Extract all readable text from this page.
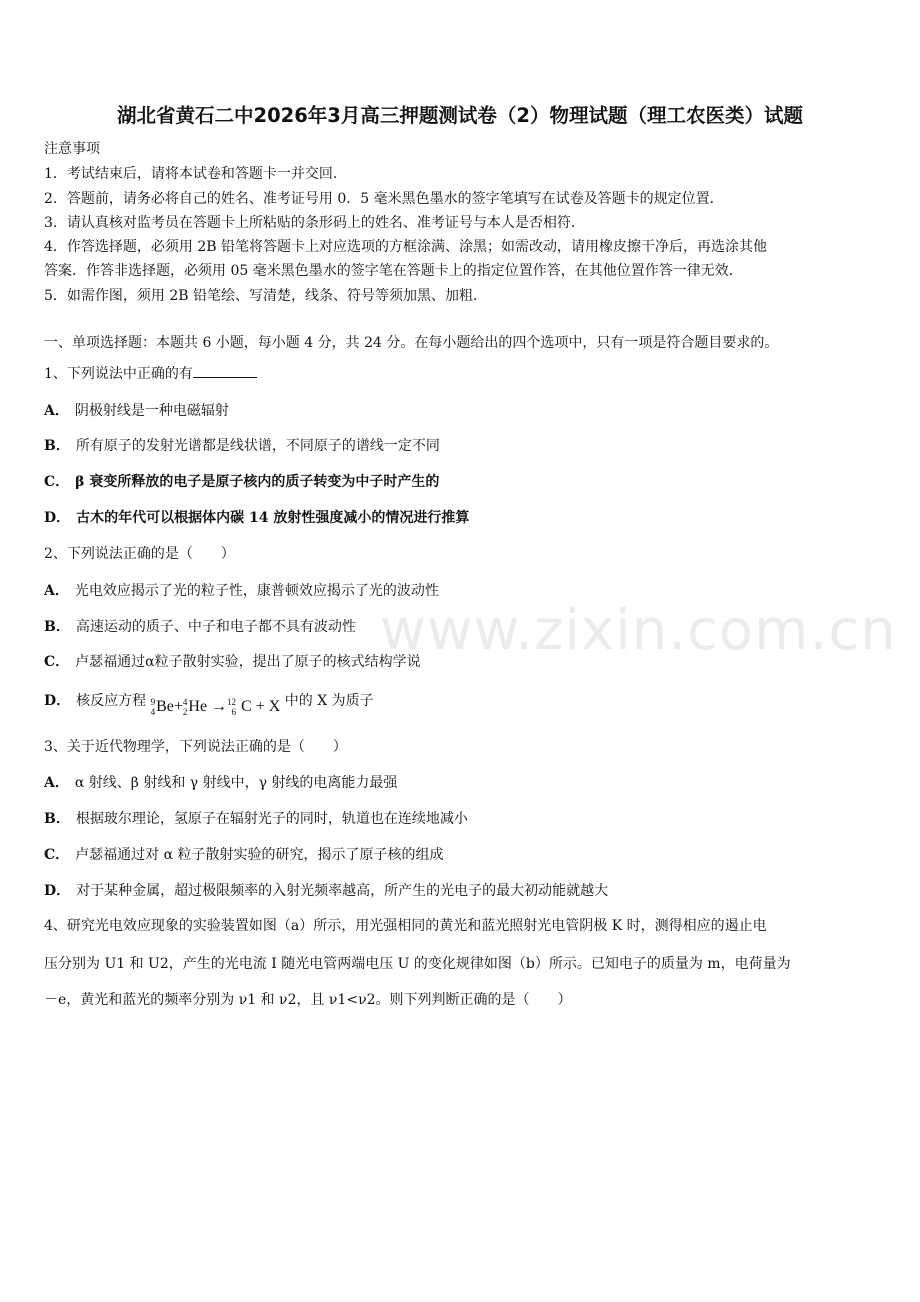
湖北省黄石二中2026年3月高三押题测试卷（2）物理试题（理工农医类）试题
注意事项
1．考试结束后，请将本试卷和答题卡一并交回．
2．答题前，请务必将自己的姓名、准考证号用 0．5 毫米黑色墨水的签字笔填写在试卷及答题卡的规定位置．
3．请认真核对监考员在答题卡上所粘贴的条形码上的姓名、准考证号与本人是否相符．
4．作答选择题，必须用 2B 铅笔将答题卡上对应选项的方框涂满、涂黑；如需改动，请用橡皮擦干净后，再选涂其他
答案．作答非选择题，必须用 05 毫米黑色墨水的签字笔在答题卡上的指定位置作答，在其他位置作答一律无效．
5．如需作图，须用 2B 铅笔绘、写清楚，线条、符号等须加黑、加粗．
一、单项选择题：本题共 6 小题，每小题 4 分，共 24 分。在每小题给出的四个选项中，只有一项是符合题目要求的。
1、下列说法中正确的有
A． 阴极射线是一种电磁辐射
B． 所有原子的发射光谱都是线状谱，不同原子的谱线一定不同
C． β 衰变所释放的电子是原子核内的质子转变为中子时产生的
D． 古木的年代可以根据体内碳 14 放射性强度减小的情况进行推算
2、下列说法正确的是（　　）
A． 光电效应揭示了光的粒子性，康普顿效应揭示了光的波动性
B． 高速运动的质子、中子和电子都不具有波动性
C． 卢瑟福通过α粒子散射实验，提出了原子的核式结构学说
D． 核反应方程 9
4 Be+ 4
2 He → 12
6 C + X 中的 X 为质子
3、关于近代物理学，下列说法正确的是（　　）
A． α 射线、β 射线和 γ 射线中，γ 射线的电离能力最强
B． 根据玻尔理论，氢原子在辐射光子的同时，轨道也在连续地减小
C． 卢瑟福通过对 α 粒子散射实验的研究，揭示了原子核的组成
D． 对于某种金属，超过极限频率的入射光频率越高，所产生的光电子的最大初动能就越大
4、研究光电效应现象的实验装置如图（a）所示，用光强相同的黄光和蓝光照射光电管阴极 K 时，测得相应的遏止电
压分别为 U1 和 U2，产生的光电流 I 随光电管两端电压 U 的变化规律如图（b）所示。已知电子的质量为 m，电荷量为
－e，黄光和蓝光的频率分别为 ν1 和 ν2，且 ν1<ν2。则下列判断正确的是（　　）
www.zixin.com.cn
